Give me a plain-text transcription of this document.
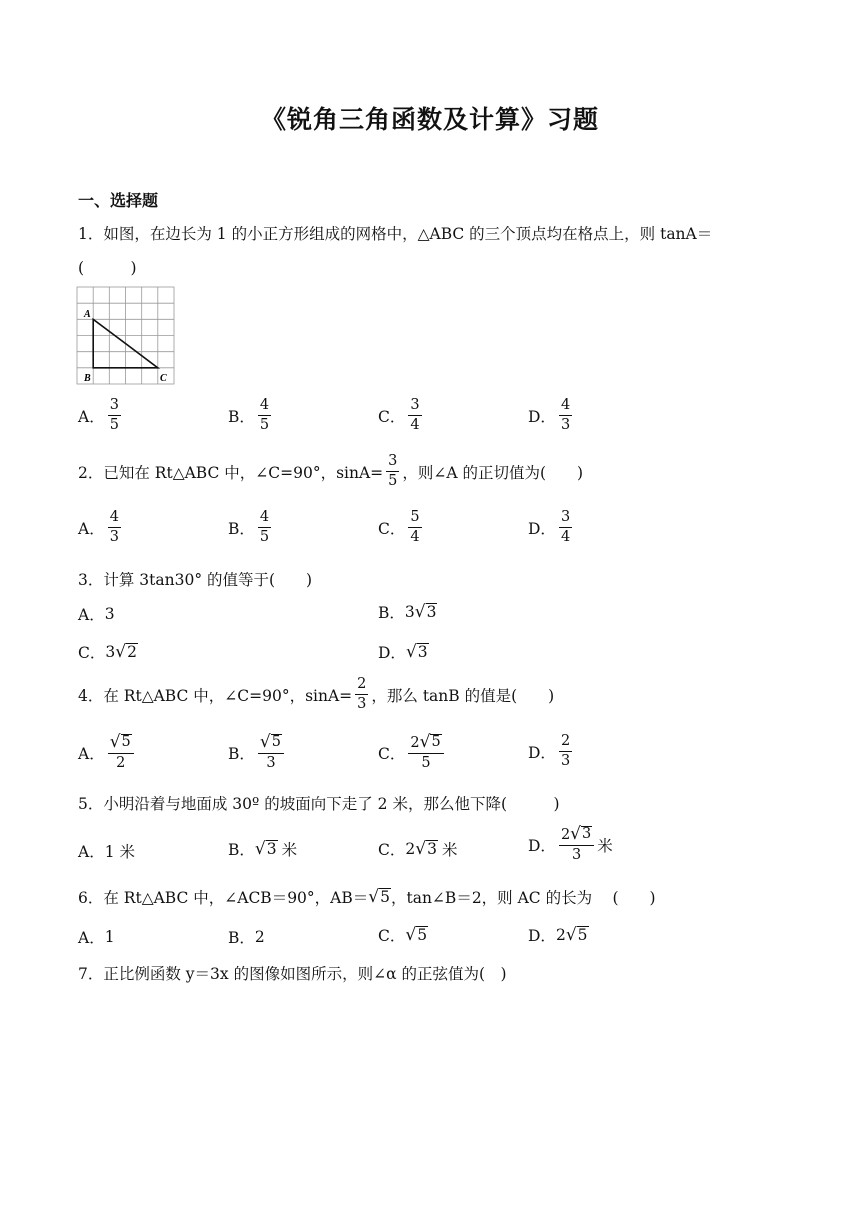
《锐角三角函数及计算》习题
一、选择题
1．如图，在边长为 1 的小正方形组成的网格中，△ABC 的三个顶点均在格点上，则 tanA＝
(　　　)
A
B	C
A． $\frac{3}{5}$	B． $\frac{4}{5}$	C． $\frac{3}{4}$	D． $\frac{4}{3}$
2．已知在 Rt△ABC 中，∠C=90°，$\sin A= \frac{3}{5}$ ，则∠A 的正切值为(　　)
A． $\frac{4}{3}$	B． $\frac{4}{5}$	C． $\frac{5}{4}$	D． $\frac{3}{4}$
3．计算 3tan30° 的值等于(　　)
A． 3	B． 3 √ 3
C． 3 √ 2	D． √ 3
4．在 Rt△ABC 中，∠C=90°，$\sin A= \frac{2}{3}$ ，那么 tanB 的值是(　　)
A． $\frac{√ 5}{2}$	B． $\frac{√ 5}{3}$	C． $\frac{2 √ 5}{5}$	D． $\frac{2}{3}$
5．小明沿着与地面成 30º 的坡面向下走了 2 米，那么他下降(　　　)
A． 1 米	B． √ 3 米	C． 2 √ 3 米	D． $\frac{2 √ 3}{3}$ 米
6．在 Rt△ABC 中，∠ACB＝90°，AB＝ √ 5 ，tan∠B＝2，则 AC 的长为　 (　　)
A． 1	B． 2	C． √ 5	D． 2 √ 5
7．正比例函数 y＝3x 的图像如图所示，则∠α 的正弦值为(　)
